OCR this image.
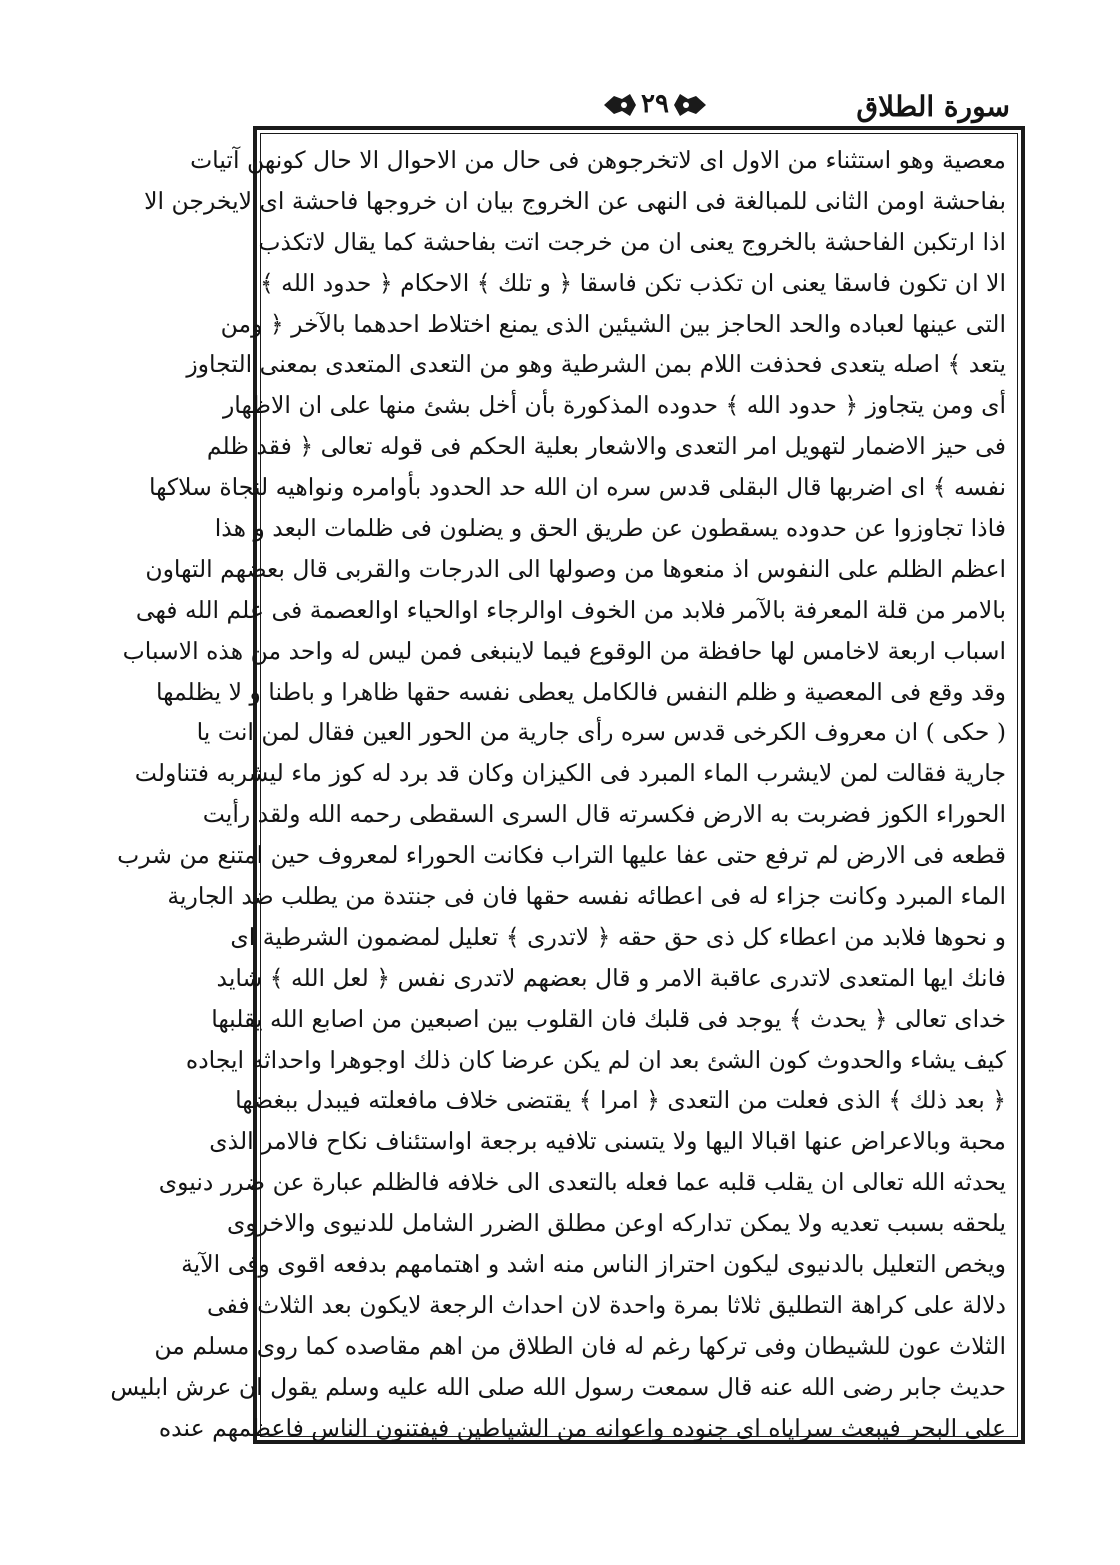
سورة الطلاق
٢٩
معصية وهو استثناء من الاول اى لاتخرجوهن فى حال من الاحوال الا حال كونهن آتيات
بفاحشة اومن الثانى للمبالغة فى النهى عن الخروج بيان ان خروجها فاحشة اى لايخرجن الا
اذا ارتكبن الفاحشة بالخروج يعنى ان من خرجت اتت بفاحشة كما يقال لاتكذب
الا ان تكون فاسقا يعنى ان تكذب تكن فاسقا ﴿ و تلك ﴾ الاحكام ﴿ حدود الله ﴾
التى عينها لعباده والحد الحاجز بين الشيئين الذى يمنع اختلاط احدهما بالآخر ﴿ ومن
يتعد ﴾ اصله يتعدى فحذفت اللام بمن الشرطية وهو من التعدى المتعدى بمعنى التجاوز
أى ومن يتجاوز ﴿ حدود الله ﴾ حدوده المذكورة بأن أخل بشئ منها على ان الاظهار
فى حيز الاضمار لتهويل امر التعدى والاشعار بعلية الحكم فى قوله تعالى ﴿ فقد ظلم
نفسه ﴾ اى اضربها قال البقلى قدس سره ان الله حد الحدود بأوامره ونواهيه لنجاة سلاكها
فاذا تجاوزوا عن حدوده يسقطون عن طريق الحق و يضلون فى ظلمات البعد و هذا
اعظم الظلم على النفوس اذ منعوها من وصولها الى الدرجات والقربى قال بعضهم التهاون
بالامر من قلة المعرفة بالآمر فلابد من الخوف اوالرجاء اوالحياء اوالعصمة فى علم الله فهى
اسباب اربعة لاخامس لها حافظة من الوقوع فيما لاينبغى فمن ليس له واحد من هذه الاسباب
وقد وقع فى المعصية و ظلم النفس فالكامل يعطى نفسه حقها ظاهرا و باطنا و لا يظلمها
( حكى ) ان معروف الكرخى قدس سره رأى جارية من الحور العين فقال لمن انت يا
جارية فقالت لمن لايشرب الماء المبرد فى الكيزان وكان قد برد له كوز ماء ليشربه فتناولت
الحوراء الكوز فضربت به الارض فكسرته قال السرى السقطى رحمه الله ولقد رأيت
قطعه فى الارض لم ترفع حتى عفا عليها التراب فكانت الحوراء لمعروف حين امتنع من شرب
الماء المبرد وكانت جزاء له فى اعطائه نفسه حقها فان فى جنتدة من يطلب ضد الجارية
و نحوها فلابد من اعطاء كل ذى حق حقه ﴿ لاتدرى ﴾ تعليل لمضمون الشرطية اى
فانك ايها المتعدى لاتدرى عاقبة الامر و قال بعضهم لاتدرى نفس ﴿ لعل الله ﴾ شايد
خداى تعالى ﴿ يحدث ﴾ يوجد فى قلبك فان القلوب بين اصبعين من اصابع الله يقلبها
كيف يشاء والحدوث كون الشئ بعد ان لم يكن عرضا كان ذلك اوجوهرا واحداثه ايجاده
﴿ بعد ذلك ﴾ الذى فعلت من التعدى ﴿ امرا ﴾ يقتضى خلاف مافعلته فيبدل ببغضها
محبة وبالاعراض عنها اقبالا اليها ولا يتسنى تلافيه برجعة اواستئناف نكاح فالامر الذى
يحدثه الله تعالى ان يقلب قلبه عما فعله بالتعدى الى خلافه فالظلم عبارة عن ضرر دنيوى
يلحقه بسبب تعديه ولا يمكن تداركه اوعن مطلق الضرر الشامل للدنيوى والاخروى
ويخص التعليل بالدنيوى ليكون احتراز الناس منه اشد و اهتمامهم بدفعه اقوى وفى الآية
دلالة على كراهة التطليق ثلاثا بمرة واحدة لان احداث الرجعة لايكون بعد الثلاث ففى
الثلاث عون للشيطان وفى تركها رغم له فان الطلاق من اهم مقاصده كما روى مسلم من
حديث جابر رضى الله عنه قال سمعت رسول الله صلى الله عليه وسلم يقول ان عرش ابليس
على البحر فيبعث سراياه اى جنوده واعوانه من الشياطين فيفتنون الناس فاعظمهم عنده
